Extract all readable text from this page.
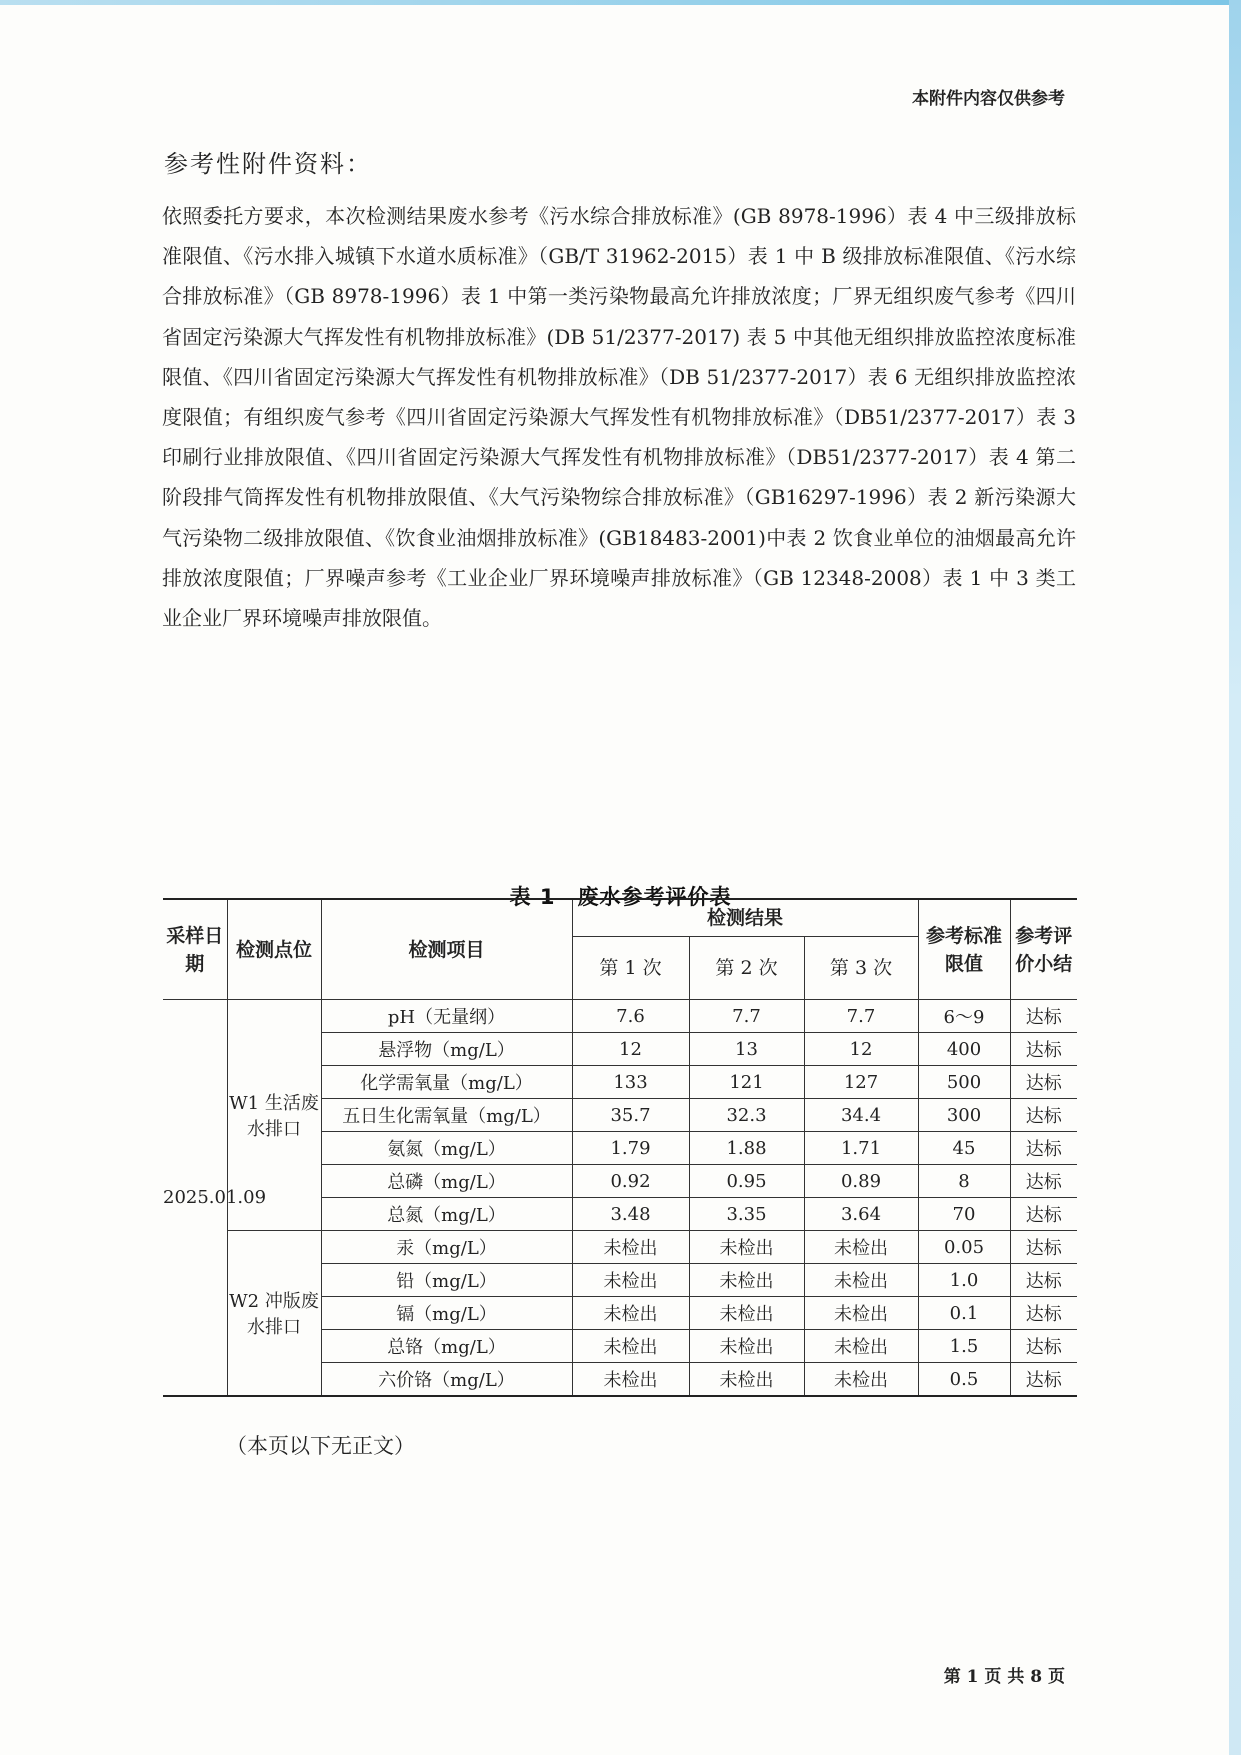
本附件内容仅供参考
参考性附件资料：
依照委托方要求，本次检测结果废水参考《污水综合排放标准》(GB 8978-1996）表 4 中三级排放标准限值、《污水排入城镇下水道水质标准》（GB/T 31962-2015）表 1 中 B 级排放标准限值、《污水综合排放标准》（GB 8978-1996）表 1 中第一类污染物最高允许排放浓度；厂界无组织废气参考《四川省固定污染源大气挥发性有机物排放标准》(DB 51/2377-2017) 表 5 中其他无组织排放监控浓度标准限值、《四川省固定污染源大气挥发性有机物排放标准》（DB 51/2377-2017）表 6 无组织排放监控浓度限值；有组织废气参考《四川省固定污染源大气挥发性有机物排放标准》（DB51/2377-2017）表 3 印刷行业排放限值、《四川省固定污染源大气挥发性有机物排放标准》（DB51/2377-2017）表 4 第二阶段排气筒挥发性有机物排放限值、《大气污染物综合排放标准》（GB16297-1996）表 2 新污染源大气污染物二级排放限值、《饮食业油烟排放标准》(GB18483-2001)中表 2 饮食业单位的油烟最高允许排放浓度限值；厂界噪声参考《工业企业厂界环境噪声排放标准》（GB 12348-2008）表 1 中 3 类工业企业厂界环境噪声排放限值。
表 1　废水参考评价表
采样日期	检测点位	检测项目	检测结果			参考标准限值	参考评价小结
			第 1 次	第 2 次	第 3 次		
2025.01.09	W1 生活废水排口	pH（无量纲）	7.6	7.7	7.7	6～9	达标
		悬浮物（mg/L）	12	13	12	400	达标
		化学需氧量（mg/L）	133	121	127	500	达标
		五日生化需氧量（mg/L）	35.7	32.3	34.4	300	达标
		氨氮（mg/L）	1.79	1.88	1.71	45	达标
		总磷（mg/L）	0.92	0.95	0.89	8	达标
		总氮（mg/L）	3.48	3.35	3.64	70	达标
	W2 冲版废水排口	汞（mg/L）	未检出	未检出	未检出	0.05	达标
		铅（mg/L）	未检出	未检出	未检出	1.0	达标
		镉（mg/L）	未检出	未检出	未检出	0.1	达标
		总铬（mg/L）	未检出	未检出	未检出	1.5	达标
		六价铬（mg/L）	未检出	未检出	未检出	0.5	达标
（本页以下无正文）
第 1 页 共 8 页
